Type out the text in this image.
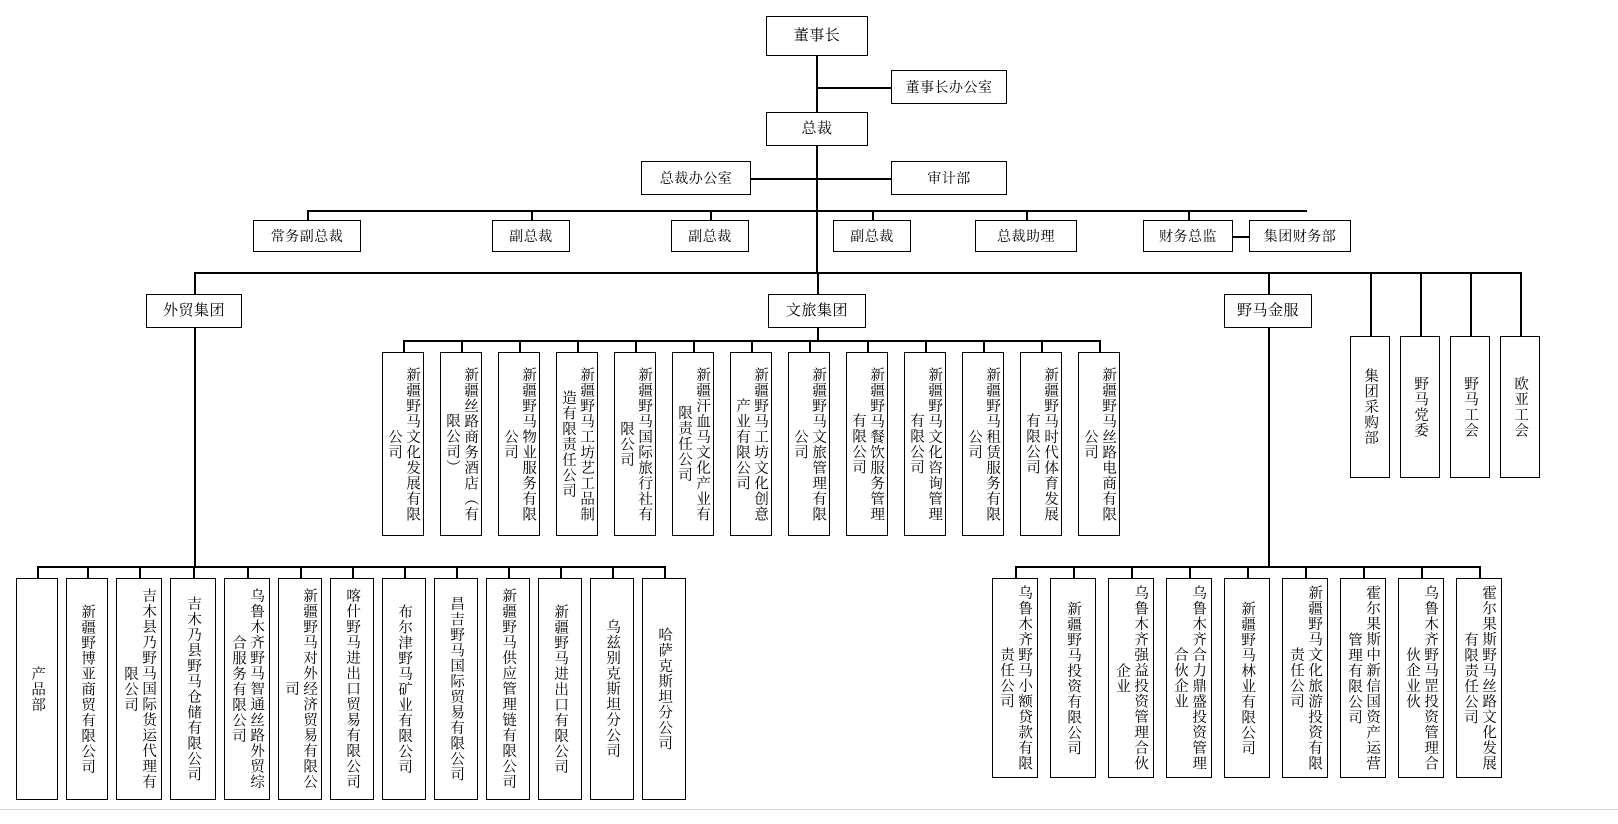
董事长
董事长办公室
总裁
总裁办公室	审计部
常务副总裁	副总裁	副总裁	副总裁	总裁助理	财务总监	集团财务部
外贸集团	文旅集团	野马金服
集团采购部 野马党委 野马工会 欧亚工会
新疆野马文化发展有限公司	新疆丝路商务酒店（有限公司）	新疆野马物业服务有限公司	新疆野马工坊艺工品制造有限责任公司	新疆野马国际旅行社有限公司	新疆汗血马文化产业有限责任公司	新疆野马工坊文化创意产业有限公司	新疆野马文旅管理有限公司	新疆野马餐饮服务管理有限公司	新疆野马文化咨询管理有限公司	新疆野马租赁服务有限公司	新疆野马时代体育发展有限公司	新疆野马丝路电商有限公司
产品部 新疆野博亚商贸有限公司	吉木县乃野马国际货运代理有限公司	吉木乃县野马仓储有限公司	乌鲁木齐野马智通丝路外贸综合服务有限公司	新疆野马对外经济贸易有限公司	喀什野马进出口贸易有限公司 布尔津野马矿业有限公司 昌吉野马国际贸易有限公司 新疆野马供应管理链有限公司 新疆野马进出口有限公司 乌兹别克斯坦分公司 哈萨克斯坦分公司	乌鲁木齐野马小额贷款有限责任公司	新疆野马投资有限公司	乌鲁木齐强益投资管理合伙企业	乌鲁木齐合力鼎盛投资管理合伙企业	新疆野马林业有限公司	新疆野马文化旅游投资有限责任公司	霍尔果斯中新信国资产运营管理有限公司	乌鲁木齐野马罡投资管理合伙企业伙	霍尔果斯野马丝路文化发展有限责任公司
